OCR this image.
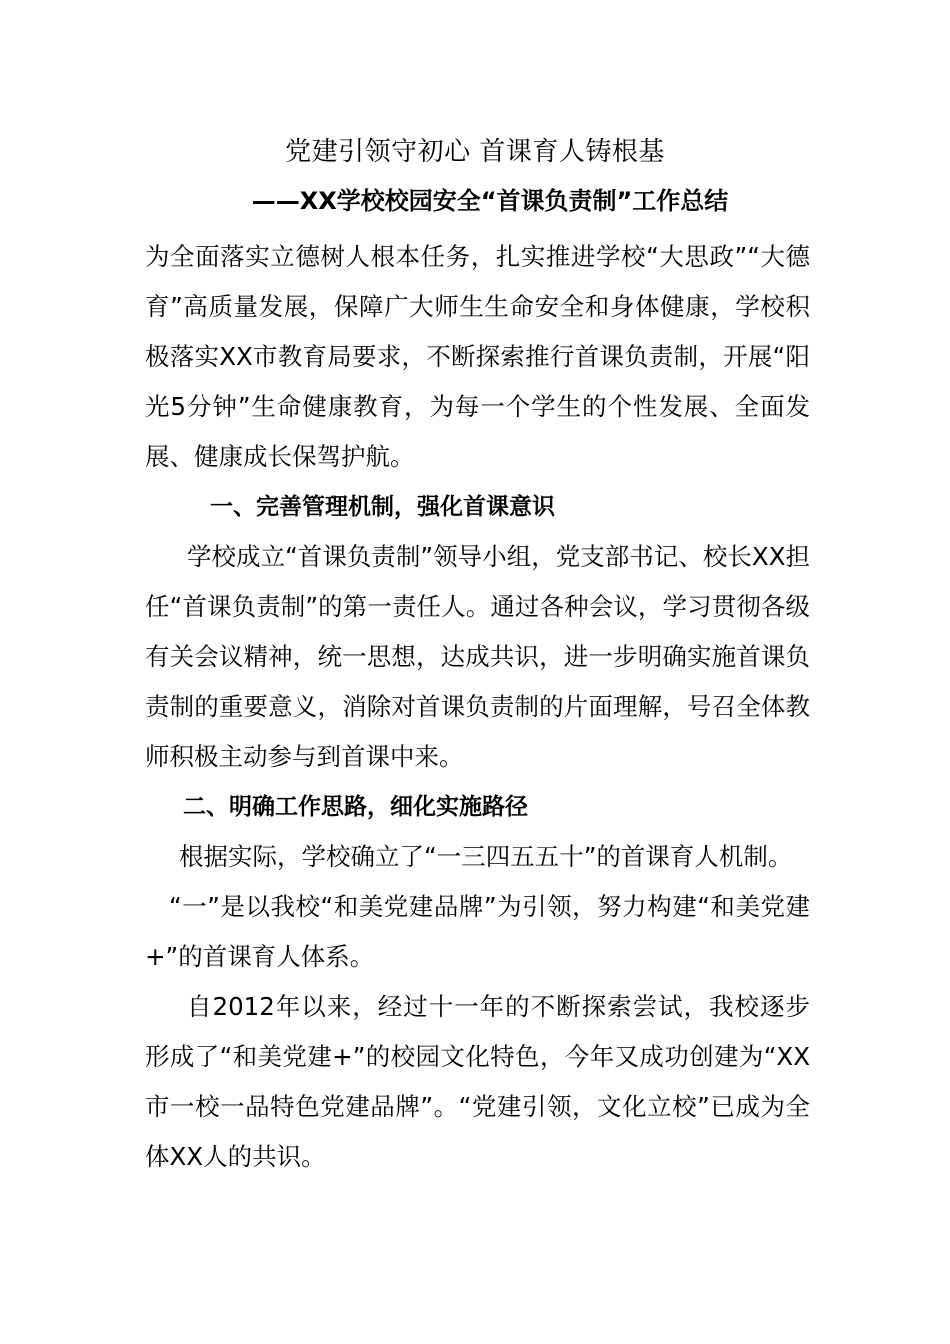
党建引领守初心 首课育人铸根基
——XX学校校园安全“首课负责制”工作总结

为全面落实立德树人根本任务，扎实推进学校“大思政”“大德育”高质量发展，保障广大师生生命安全和身体健康，学校积极落实XX市教育局要求，不断探索推行首课负责制，开展“阳光5分钟”生命健康教育，为每一个学生的个性发展、全面发展、健康成长保驾护航。

一、完善管理机制，强化首课意识

学校成立“首课负责制”领导小组，党支部书记、校长XX担任“首课负责制”的第一责任人。通过各种会议，学习贯彻各级有关会议精神，统一思想，达成共识，进一步明确实施首课负责制的重要意义，消除对首课负责制的片面理解，号召全体教师积极主动参与到首课中来。

二、明确工作思路，细化实施路径

根据实际，学校确立了“一三四五五十”的首课育人机制。

“一”是以我校“和美党建品牌”为引领，努力构建“和美党建+”的首课育人体系。

自2012年以来，经过十一年的不断探索尝试，我校逐步形成了“和美党建+”的校园文化特色，今年又成功创建为“XX市一校一品特色党建品牌”。“党建引领，文化立校”已成为全体XX人的共识。
